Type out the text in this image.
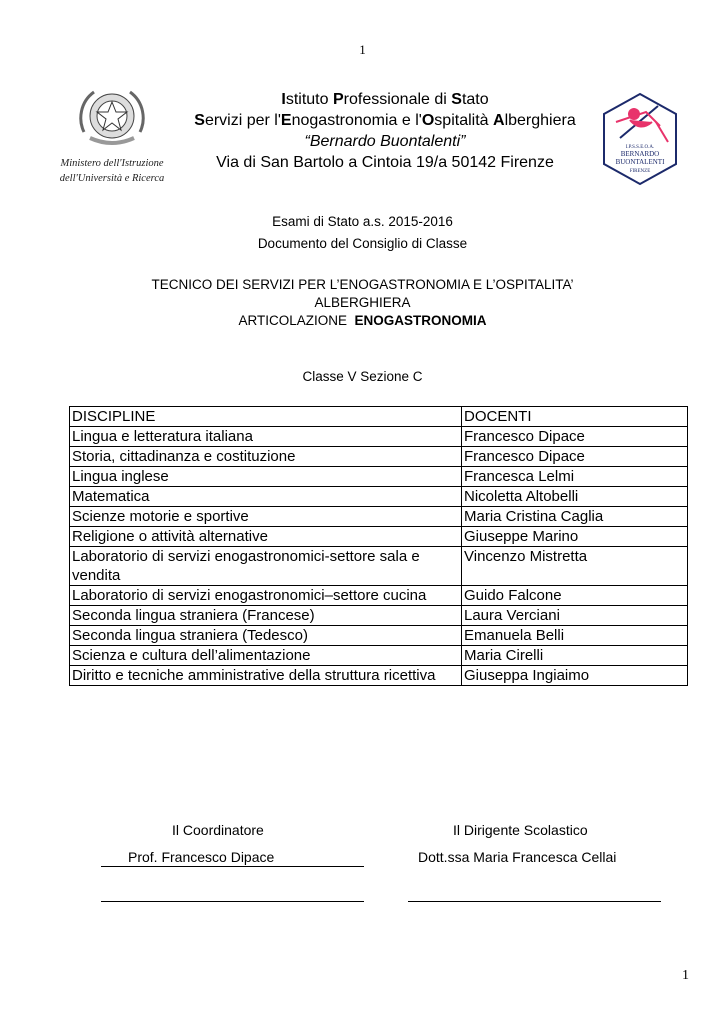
1
Ministero dell'Istruzione
dell'Università e Ricerca
I.P.S.S.E.O.A.
BERNARDO
BUONTALENTI
FIRENZE
Istituto Professionale di Stato
Servizi per l'Enogastronomia e l'Ospitalità Alberghiera
“Bernardo Buontalenti”
Via di San Bartolo a Cintoia 19/a 50142 Firenze
Esami di Stato a.s. 2015-2016
Documento del Consiglio di Classe
TECNICO DEI SERVIZI PER L’ENOGASTRONOMIA E L’OSPITALITA’
ALBERGHIERA
ARTICOLAZIONE  ENOGASTRONOMIA
Classe V Sezione C
DISCIPLINE	DOCENTI
Lingua e letteratura italiana	Francesco Dipace
Storia, cittadinanza e costituzione	Francesco Dipace
Lingua inglese	Francesca Lelmi
Matematica	Nicoletta Altobelli
Scienze motorie e sportive	Maria Cristina Caglia
Religione o attività alternative	Giuseppe Marino
Laboratorio di servizi enogastronomici-settore sala e vendita	Vincenzo Mistretta
Laboratorio di servizi enogastronomici–settore cucina	Guido Falcone
Seconda lingua straniera (Francese)	Laura Verciani
Seconda lingua straniera (Tedesco)	Emanuela Belli
Scienza e cultura dell’alimentazione	Maria Cirelli
Diritto e tecniche amministrative della struttura ricettiva	Giuseppa Ingiaimo
Il Coordinatore	Il Dirigente Scolastico
Prof. Francesco Dipace	Dott.ssa Maria Francesca Cellai
1
